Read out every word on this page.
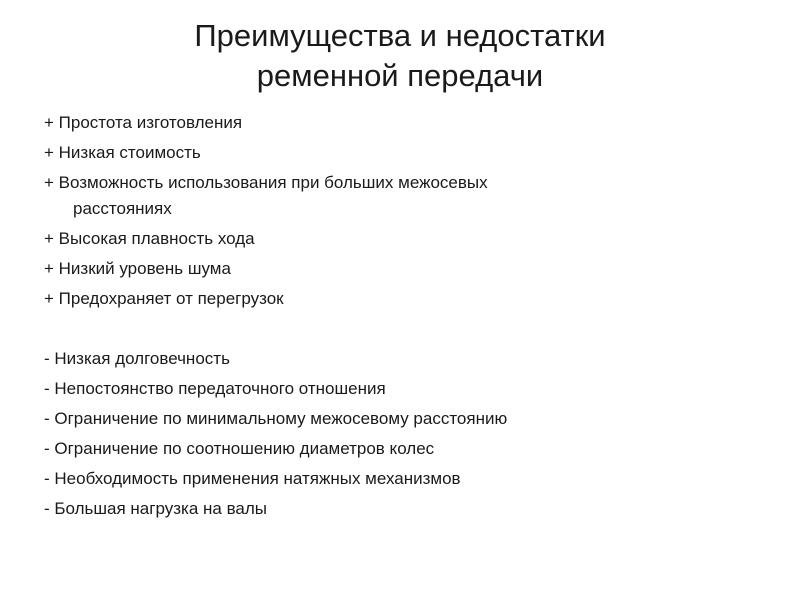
Преимущества и недостатки
ременной передачи
+ Простота изготовления
+ Низкая стоимость
+ Возможность использования при больших межосевых
расстояниях
+ Высокая плавность хода
+ Низкий уровень шума
+ Предохраняет от перегрузок
- Низкая долговечность
- Непостоянство передаточного отношения
- Ограничение по минимальному межосевому расстоянию
- Ограничение по соотношению диаметров колес
- Необходимость применения натяжных механизмов
- Большая нагрузка на валы
